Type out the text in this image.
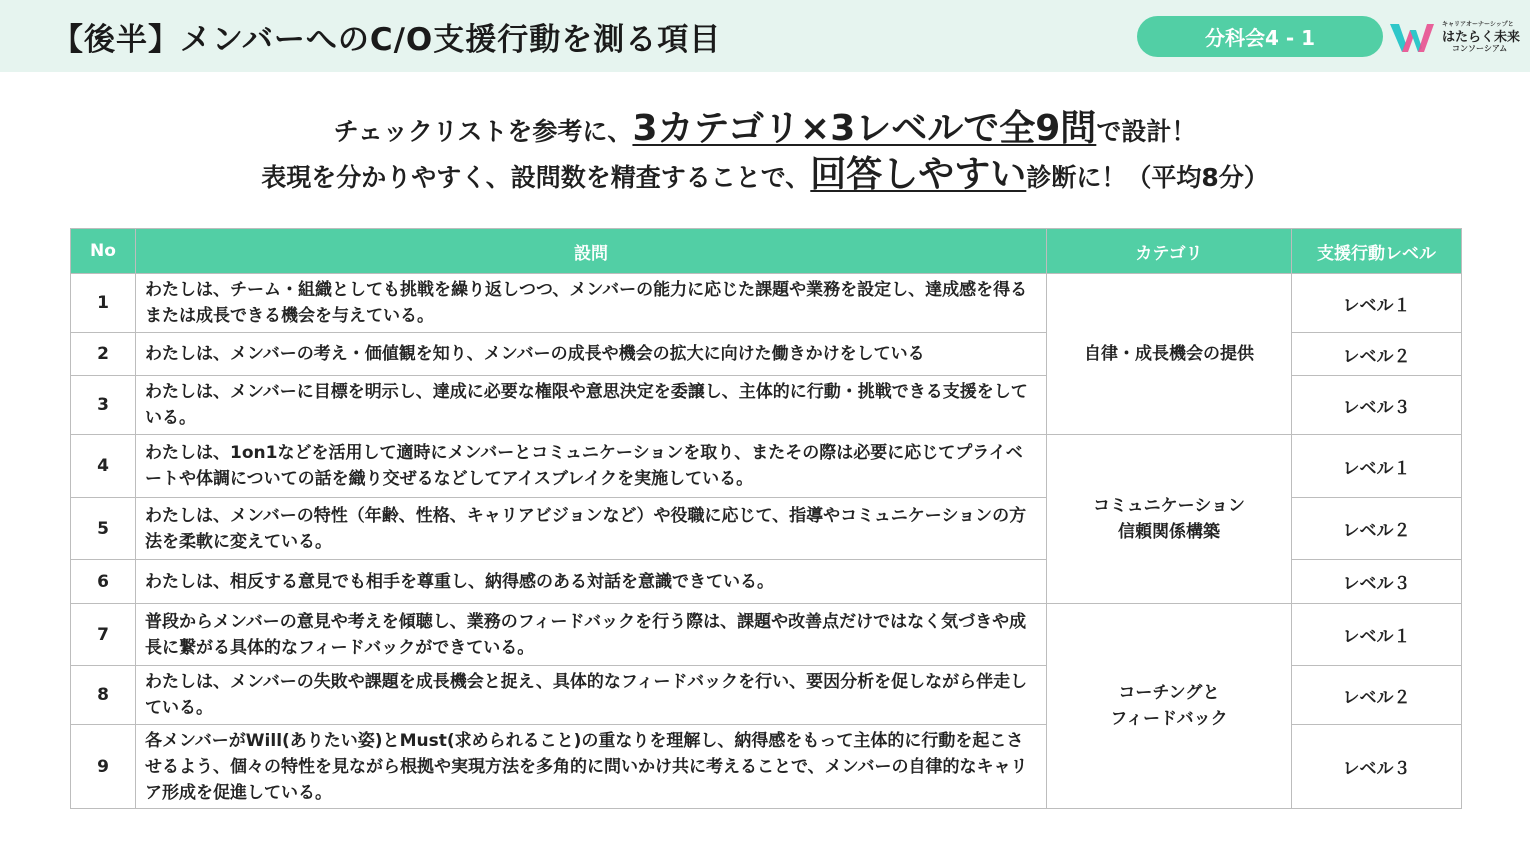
【後半】メンバーへのC/O支援行動を測る項目	分科会4 - 1
キャリアオーナーシップと
はたらく未来
コンソーシアム
チェックリストを参考に、3カテゴリ×3レベルで全9問で設計！
表現を分かりやすく、設問数を精査することで、回答しやすい診断に！（平均8分）
No	設問	カテゴリ	支援行動レベル
1	わたしは、チーム・組織としても挑戦を繰り返しつつ、メンバーの能力に応じた課題や業務を設定し、達成感を得るまたは成長できる機会を与えている。	自律・成長機会の提供	レベル１
2	わたしは、メンバーの考え・価値観を知り、メンバーの成長や機会の拡大に向けた働きかけをしている		レベル２
3	わたしは、メンバーに目標を明示し、達成に必要な権限や意思決定を委譲し、主体的に行動・挑戦できる支援をしている。		レベル３
4	わたしは、1on1などを活用して適時にメンバーとコミュニケーションを取り、またその際は必要に応じてプライベートや体調についての話を織り交ぜるなどしてアイスブレイクを実施している。	コミュニケーション
信頼関係構築	レベル１
5	わたしは、メンバーの特性（年齢、性格、キャリアビジョンなど）や役職に応じて、指導やコミュニケーションの方法を柔軟に変えている。		レベル２
6	わたしは、相反する意見でも相手を尊重し、納得感のある対話を意識できている。		レベル３
7	普段からメンバーの意見や考えを傾聴し、業務のフィードバックを行う際は、課題や改善点だけではなく気づきや成長に繋がる具体的なフィードバックができている。	コーチングと
フィードバック	レベル１
8	わたしは、メンバーの失敗や課題を成長機会と捉え、具体的なフィードバックを行い、要因分析を促しながら伴走している。		レベル２
9	各メンバーがWill(ありたい姿)とMust(求められること)の重なりを理解し、納得感をもって主体的に行動を起こさせるよう、個々の特性を見ながら根拠や実現方法を多角的に問いかけ共に考えることで、メンバーの自律的なキャリア形成を促進している。		レベル３
